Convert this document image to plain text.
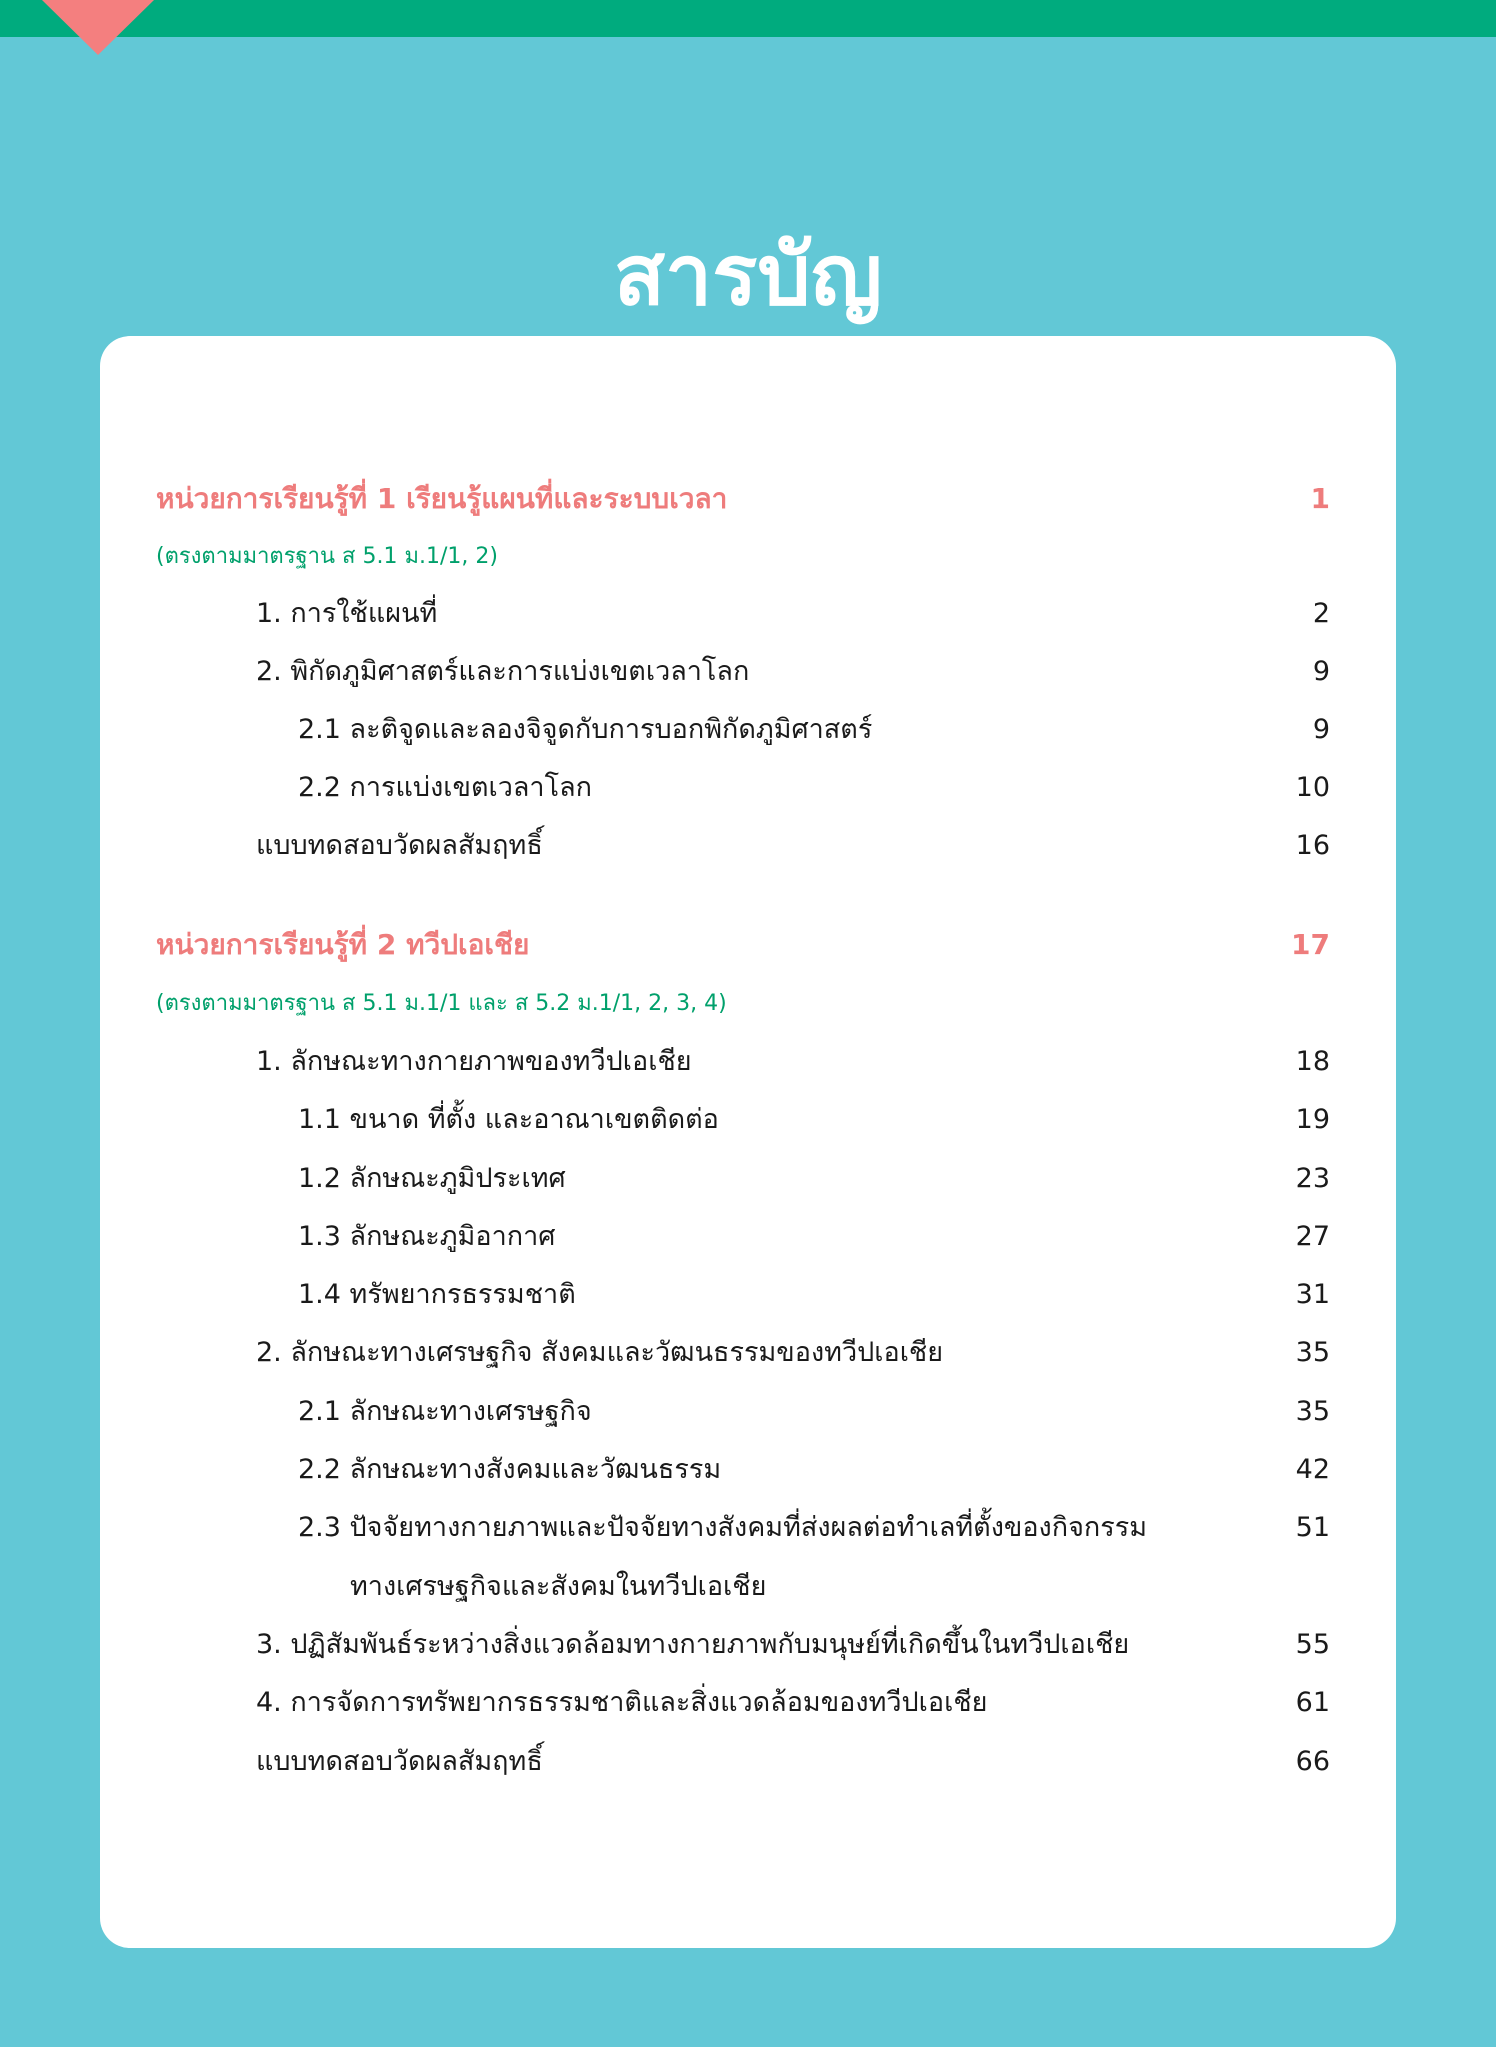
สารบัญ
หน่วยการเรียนรู้ที่ 1 เรียนรู้แผนที่และระบบเวลา	1
(ตรงตามมาตรฐาน ส 5.1 ม.1/1, 2)
1. การใช้แผนที่	2
2. พิกัดภูมิศาสตร์และการแบ่งเขตเวลาโลก	9
2.1 ละติจูดและลองจิจูดกับการบอกพิกัดภูมิศาสตร์	9
2.2 การแบ่งเขตเวลาโลก	10
แบบทดสอบวัดผลสัมฤทธิ์	16
หน่วยการเรียนรู้ที่ 2 ทวีปเอเชีย	17
(ตรงตามมาตรฐาน ส 5.1 ม.1/1 และ ส 5.2 ม.1/1, 2, 3, 4)
1. ลักษณะทางกายภาพของทวีปเอเชีย	18
1.1 ขนาด ที่ตั้ง และอาณาเขตติดต่อ	19
1.2 ลักษณะภูมิประเทศ	23
1.3 ลักษณะภูมิอากาศ	27
1.4 ทรัพยากรธรรมชาติ	31
2. ลักษณะทางเศรษฐกิจ สังคมและวัฒนธรรมของทวีปเอเชีย	35
2.1 ลักษณะทางเศรษฐกิจ	35
2.2 ลักษณะทางสังคมและวัฒนธรรม	42
2.3 ปัจจัยทางกายภาพและปัจจัยทางสังคมที่ส่งผลต่อทำเลที่ตั้งของกิจกรรม	51
ทางเศรษฐกิจและสังคมในทวีปเอเชีย
3. ปฏิสัมพันธ์ระหว่างสิ่งแวดล้อมทางกายภาพกับมนุษย์ที่เกิดขึ้นในทวีปเอเชีย	55
4. การจัดการทรัพยากรธรรมชาติและสิ่งแวดล้อมของทวีปเอเชีย	61
แบบทดสอบวัดผลสัมฤทธิ์	66
